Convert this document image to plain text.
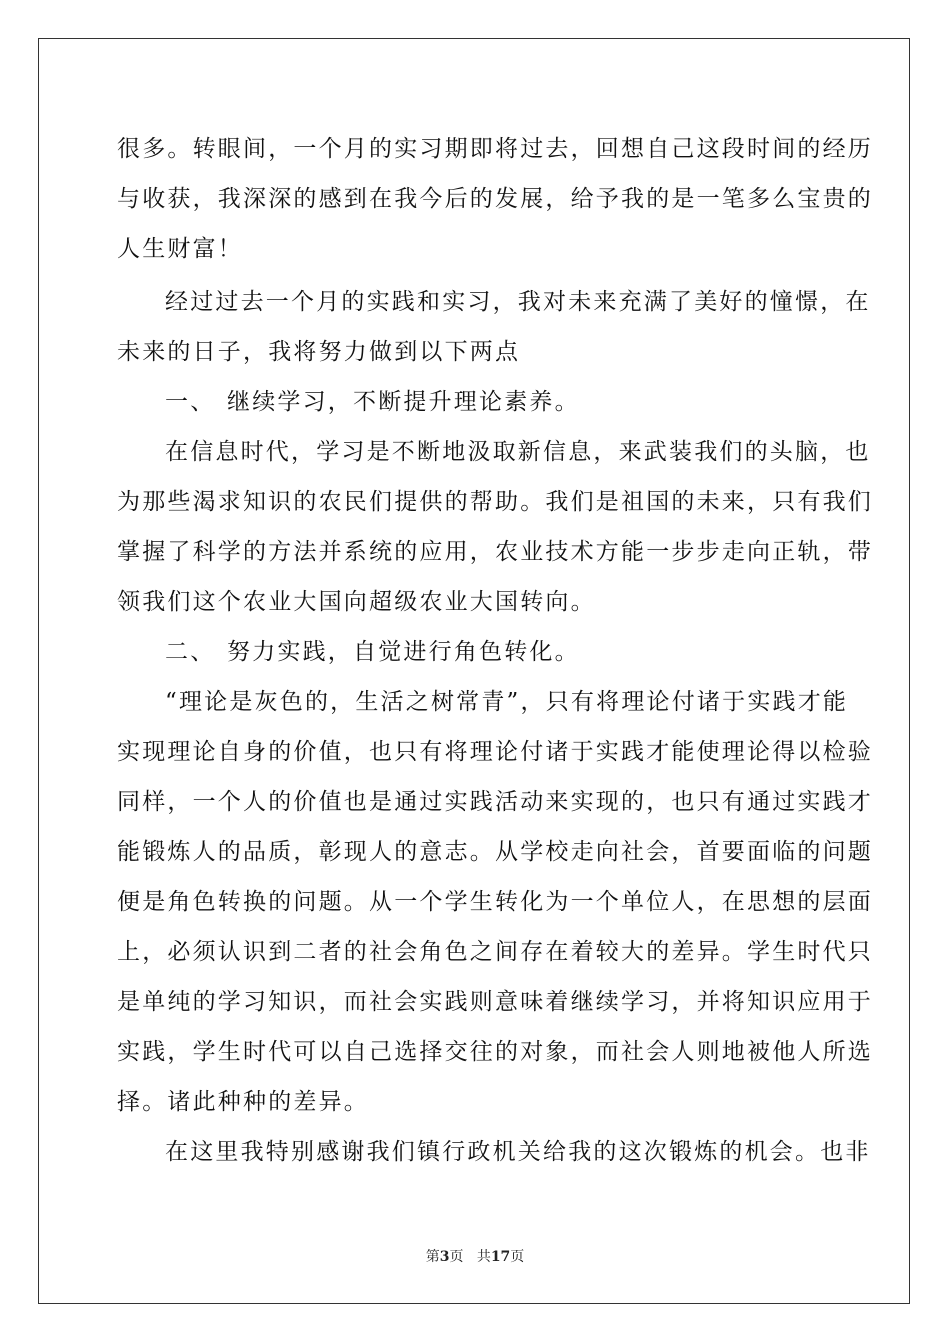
很多。转眼间，一个月的实习期即将过去，回想自己这段时间的经历
与收获，我深深的感到在我今后的发展，给予我的是一笔多么宝贵的
人生财富！
经过过去一个月的实践和实习，我对未来充满了美好的憧憬，在
未来的日子，我将努力做到以下两点
一、 继续学习，不断提升理论素养。
在信息时代，学习是不断地汲取新信息，来武装我们的头脑，也
为那些渴求知识的农民们提供的帮助。我们是祖国的未来，只有我们
掌握了科学的方法并系统的应用，农业技术方能一步步走向正轨，带
领我们这个农业大国向超级农业大国转向。
二、 努力实践，自觉进行角色转化。
“理论是灰色的，生活之树常青”，只有将理论付诸于实践才能
实现理论自身的价值，也只有将理论付诸于实践才能使理论得以检验
同样，一个人的价值也是通过实践活动来实现的，也只有通过实践才
能锻炼人的品质，彰现人的意志。从学校走向社会，首要面临的问题
便是角色转换的问题。从一个学生转化为一个单位人，在思想的层面
上，必须认识到二者的社会角色之间存在着较大的差异。学生时代只
是单纯的学习知识，而社会实践则意味着继续学习，并将知识应用于
实践，学生时代可以自己选择交往的对象，而社会人则地被他人所选
择。诸此种种的差异。
在这里我特别感谢我们镇行政机关给我的这次锻炼的机会。也非
第3页 共17页
